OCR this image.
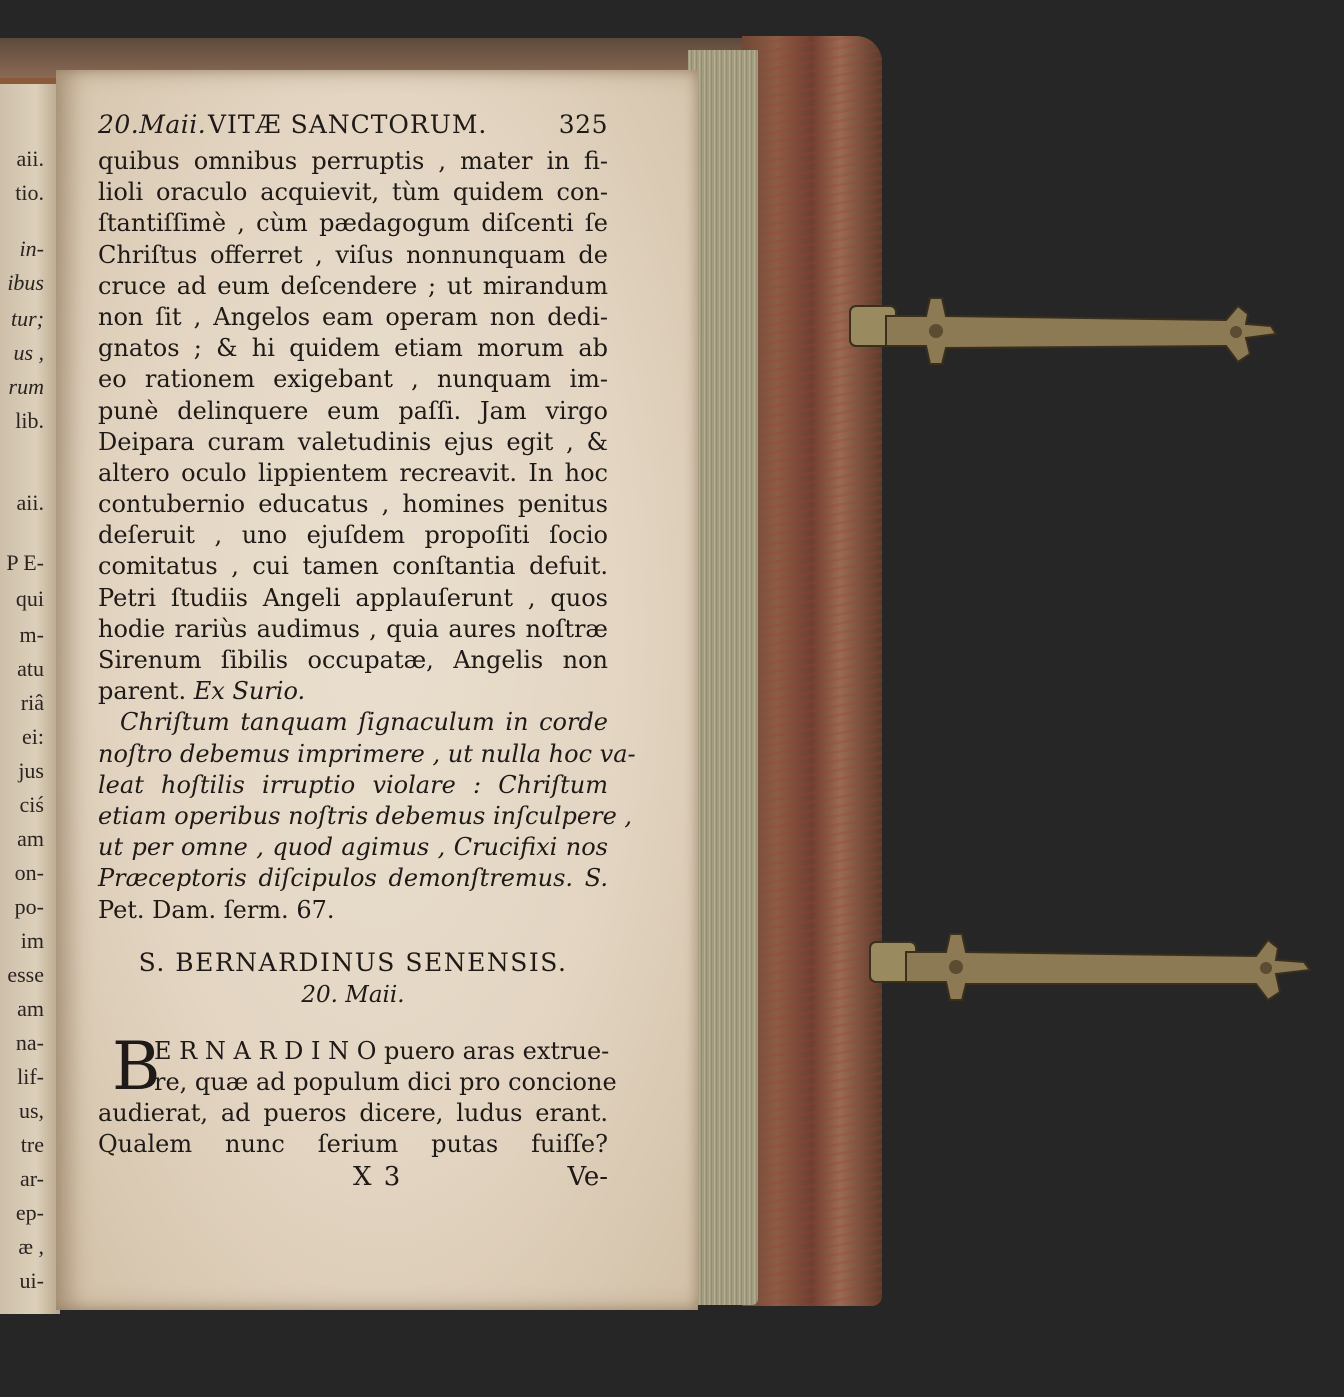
aii.
tio.
in-
ibus
tur;
us ,
rum
lib.
aii.
P E-
qui
m-
atu
riâ
ei:
jus
ciś
am
on-
po-
im
esse
am
na-
lif-
us,
tre
ar-
ep-
æ ,
ui-
20.Maii. VITÆ SANCTORUM.	325
quibus omnibus perruptis , mater in fi-
lioli oraculo acquievit, tùm quidem con-
ſtantiſſimè , cùm pædagogum diſcenti ſe
Chriſtus offerret , viſus nonnunquam de
cruce ad eum deſcendere ; ut mirandum
non ſit , Angelos eam operam non dedi-
gnatos ; & hi quidem etiam morum ab
eo rationem exigebant , nunquam im-
punè delinquere eum paſſi. Jam virgo
Deipara curam valetudinis ejus egit , &
altero oculo lippientem recreavit. In hoc
contubernio educatus , homines penitus
deſeruit , uno ejuſdem propoſiti ſocio
comitatus , cui tamen conſtantia defuit.
Petri ſtudiis Angeli applauſerunt , quos
hodie rariùs audimus , quia aures noſtræ
Sirenum ſibilis occupatæ, Angelis non
parent. Ex Surio.
Chriſtum tanquam ſignaculum in corde
noſtro debemus imprimere , ut nulla hoc va-
leat hoſtilis irruptio violare : Chriſtum
etiam operibus noſtris debemus inſculpere ,
ut per omne , quod agimus , Crucifixi nos
Præceptoris diſcipulos demonſtremus. S.
Pet. Dam. ſerm. 67.
S. BERNARDINUS SENENSIS.
20. Maii.
B
E R N A R D I N O puero aras extrue-
re, quæ ad populum dici pro concione
audierat, ad pueros dicere, ludus erant.
Qualem nunc ſerium putas fuiſſe?
X 3	Ve-
